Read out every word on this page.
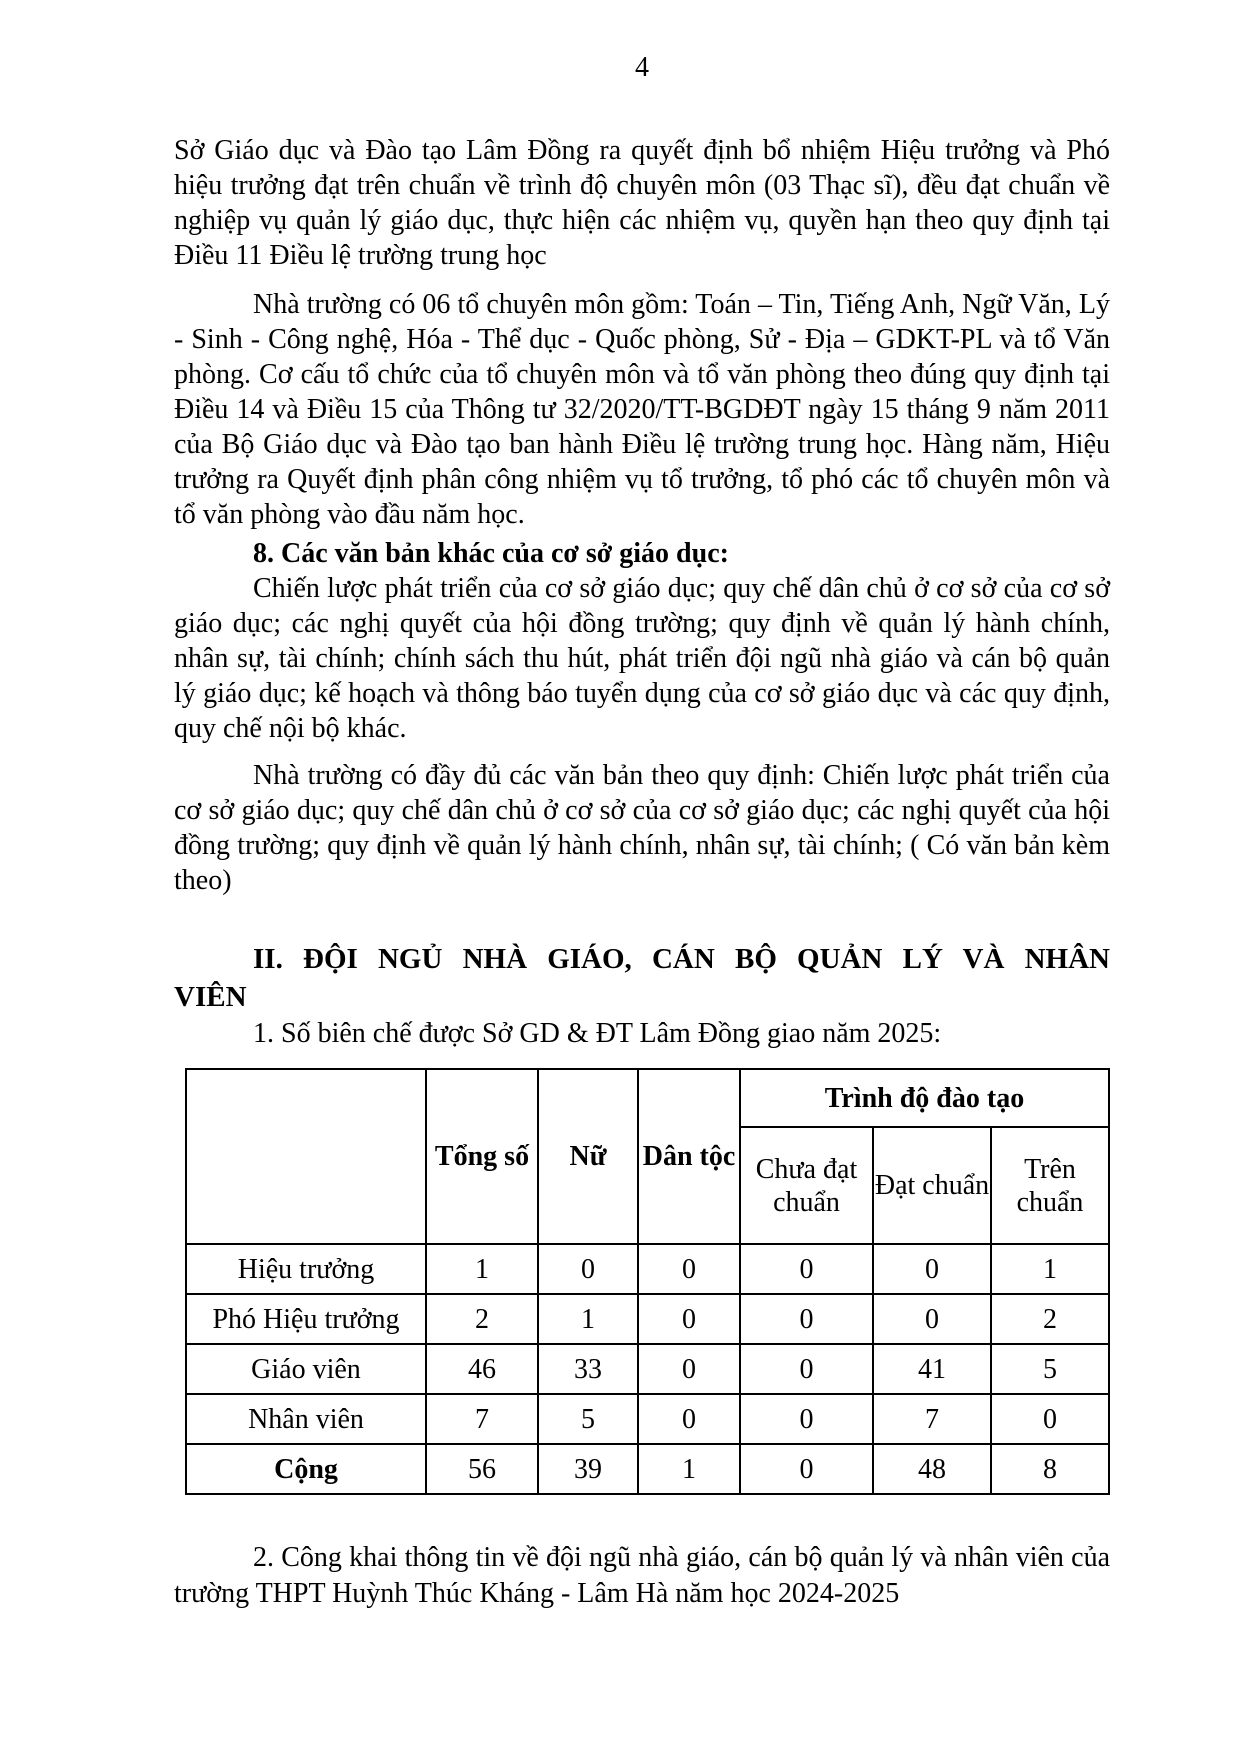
4

Sở Giáo dục và Đào tạo Lâm Đồng ra quyết định bổ nhiệm Hiệu trưởng và Phó hiệu trưởng đạt trên chuẩn về trình độ chuyên môn (03 Thạc sĩ), đều đạt chuẩn về nghiệp vụ quản lý giáo dục, thực hiện các nhiệm vụ, quyền hạn theo quy định tại Điều 11 Điều lệ trường trung học

Nhà trường có 06 tổ chuyên môn gồm: Toán – Tin, Tiếng Anh, Ngữ Văn, Lý - Sinh - Công nghệ, Hóa - Thể dục - Quốc phòng, Sử - Địa – GDKT-PL và tổ Văn phòng. Cơ cấu tổ chức của tổ chuyên môn và tổ văn phòng theo đúng quy định tại Điều 14 và Điều 15 của Thông tư 32/2020/TT-BGDĐT ngày 15 tháng 9 năm 2011 của Bộ Giáo dục và Đào tạo ban hành Điều lệ trường trung học. Hàng năm, Hiệu trưởng ra Quyết định phân công nhiệm vụ tổ trưởng, tổ phó các tổ chuyên môn và tổ văn phòng vào đầu năm học.

8. Các văn bản khác của cơ sở giáo dục:

Chiến lược phát triển của cơ sở giáo dục; quy chế dân chủ ở cơ sở của cơ sở giáo dục; các nghị quyết của hội đồng trường; quy định về quản lý hành chính, nhân sự, tài chính; chính sách thu hút, phát triển đội ngũ nhà giáo và cán bộ quản lý giáo dục; kế hoạch và thông báo tuyển dụng của cơ sở giáo dục và các quy định, quy chế nội bộ khác.

Nhà trường có đầy đủ các văn bản theo quy định: Chiến lược phát triển của cơ sở giáo dục; quy chế dân chủ ở cơ sở của cơ sở giáo dục; các nghị quyết của hội đồng trường; quy định về quản lý hành chính, nhân sự, tài chính; ( Có văn bản kèm theo)

II. ĐỘI NGỦ NHÀ GIÁO, CÁN BỘ QUẢN LÝ VÀ NHÂN
VIÊN

1. Số biên chế được Sở GD & ĐT Lâm Đồng giao năm 2025:

	Tổng số	Nữ	Dân tộc	Trình độ đào tạo		
				Chưa đạt chuẩn	Đạt chuẩn	Trên chuẩn
Hiệu trưởng	1	0	0	0	0	1
Phó Hiệu trưởng	2	1	0	0	0	2
Giáo viên	46	33	0	0	41	5
Nhân viên	7	5	0	0	7	0
Cộng	56	39	1	0	48	8

2. Công khai thông tin về đội ngũ nhà giáo, cán bộ quản lý và nhân viên của trường THPT Huỳnh Thúc Kháng - Lâm Hà năm học 2024-2025
